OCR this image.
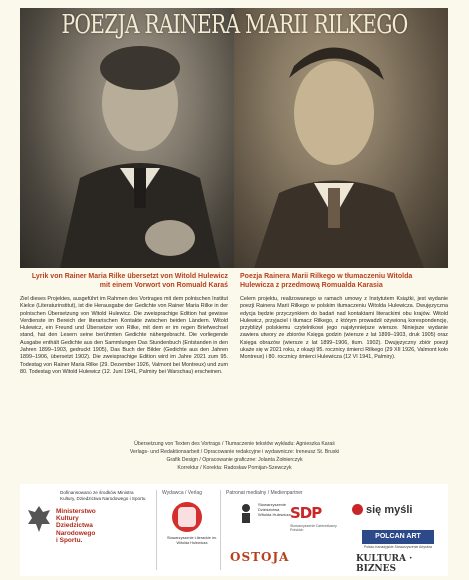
POEZJA RAINERA MARII RILKEGO
Lyrik von Rainer Maria Rilke übersetzt von Witold Hulewicz mit einem Vorwort von Romuald Karaś
Poezja Rainera Marii Rilkego w tłumaczeniu Witolda Hulewicza z przedmową Romualda Karasia
Ziel dieses Projektes, ausgeführt im Rahmen des Vortrages mit dem polnischen Institut Kielce (Literaturinstitut), ist die Herausgabe der Gedichte von Rainer Maria Rilke in der polnischen Übersetzung von Witold Hulewicz. Die zweisprachige Edition hat gewisse Verdienste im Bereich der literarischen Kontakte zwischen beiden Ländern. Witold Hulewicz, ein Freund und Übersetzer von Rilke, mit dem er im regen Briefwechsel stand, hat den Lesern seine berühmten Gedichte nähergebracht. Die vorliegende Ausgabe enthält Gedichte aus den Sammlungen Das Stundenbuch (Entstanden in den Jahren 1899–1903, gedruckt 1905), Das Buch der Bilder (Gedichte aus den Jahren 1899–1906, übersetzt 1902). Die zweisprachige Edition wird im Jahre 2021 zum 95. Todestag von Rainer Maria Rilke (29. Dezember 1926, Valmont bei Montreux) und zum 80. Todestag von Witold Hulewicz (12. Juni 1941, Palmiry bei Warschau) erscheinen.
Celem projektu, realizowanego w ramach umowy z Instytutem Książki, jest wydanie poezji Rainera Marii Rilkego w polskim tłumaczeniu Witolda Hulewicza. Dwujęzyczna edycja będzie przyczynkiem do badań nad kontaktami literackimi obu krajów. Witold Hulewicz, przyjaciel i tłumacz Rilkego, z którym prowadził ożywioną korespondencję, przybliżył polskiemu czytelnikowi jego najsłynniejsze wiersze. Niniejsze wydanie zawiera utwory ze zbiorów Księga godzin (wiersze z lat 1899–1903, druk 1905) oraz Księga obrazów (wiersze z lat 1899–1906, tłum. 1902). Dwujęzyczny zbiór poezji ukaże się w 2021 roku, z okazji 95. rocznicy śmierci Rilkego (29 XII 1926, Valmont koło Montreux) i 80. rocznicy śmierci Hulewicza (12 VI 1941, Palmiry).
Übersetzung von Texten des Vortrags / Tłumaczenie tekstów wykładu: Agnieszka Karaś
Verlags- und Redaktionsarbeit / Opracowanie redakcyjne i wydawnicze: Ireneusz St. Bruski
Grafik Design / Opracowanie graficzne: Jolanta Żołnierczyk
Korrektur / Korekta: Radosław Pomijan-Szewczyk
Wydawca / Verlag	Patronat medialny / Medienpartner
Ministerstwo
Kultury
Dziedzictwa
Narodowego
i Sportu.
Dofinansowano ze środków Ministra Kultury, Dziedzictwa Narodowego i Sportu
Stowarzyszenie Literackie im. Witolda Hulewicza
Stowarzyszenie Dziedzictwa Witolda Hulewicza SDP
Stowarzyszenie Dziennikarzy Polskich
się myśli
POLCAN ART
Polsko-Kanadyjskie Stowarzyszenie Artystów
OSTOJA	KULTURA · BIZNES
